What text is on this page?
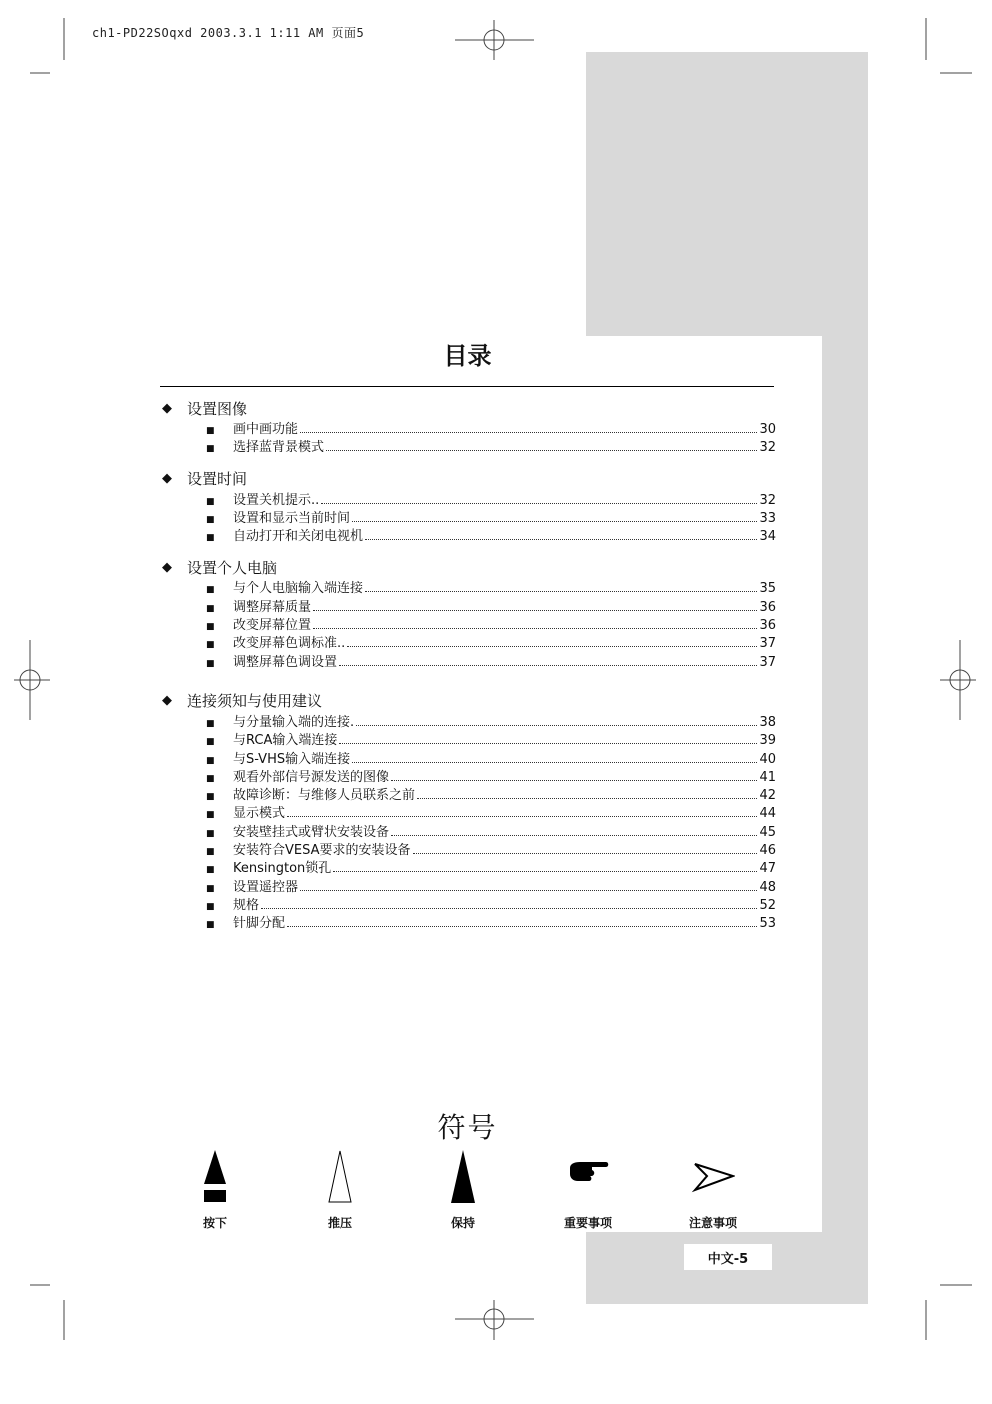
ch1-PD22SOqxd 2003.3.1 1:11 AM 页面5
中文-5
目录
◆	设置图像
■	画中画功能	30
■	选择蓝背景模式	32
◆	设置时间
■	设置关机提示..	32
■	设置和显示当前时间	33
■	自动打开和关闭电视机	34
◆	设置个人电脑
■	与个人电脑输入端连接	35
■	调整屏幕质量	36
■	改变屏幕位置	36
■	改变屏幕色调标准..	37
■	调整屏幕色调设置	37
◆	连接须知与使用建议
■	与分量输入端的连接.	38
■	与RCA输入端连接	39
■	与S-VHS输入端连接	40
■	观看外部信号源发送的图像	41
■	故障诊断：与维修人员联系之前	42
■	显示模式	44
■	安装壁挂式或臂状安装设备	45
■	安装符合VESA要求的安装设备	46
■	Kensington锁孔	47
■	设置遥控器	48
■	规格	52
■	针脚分配	53
符号
按下	推压	保持	重要事项	注意事项
